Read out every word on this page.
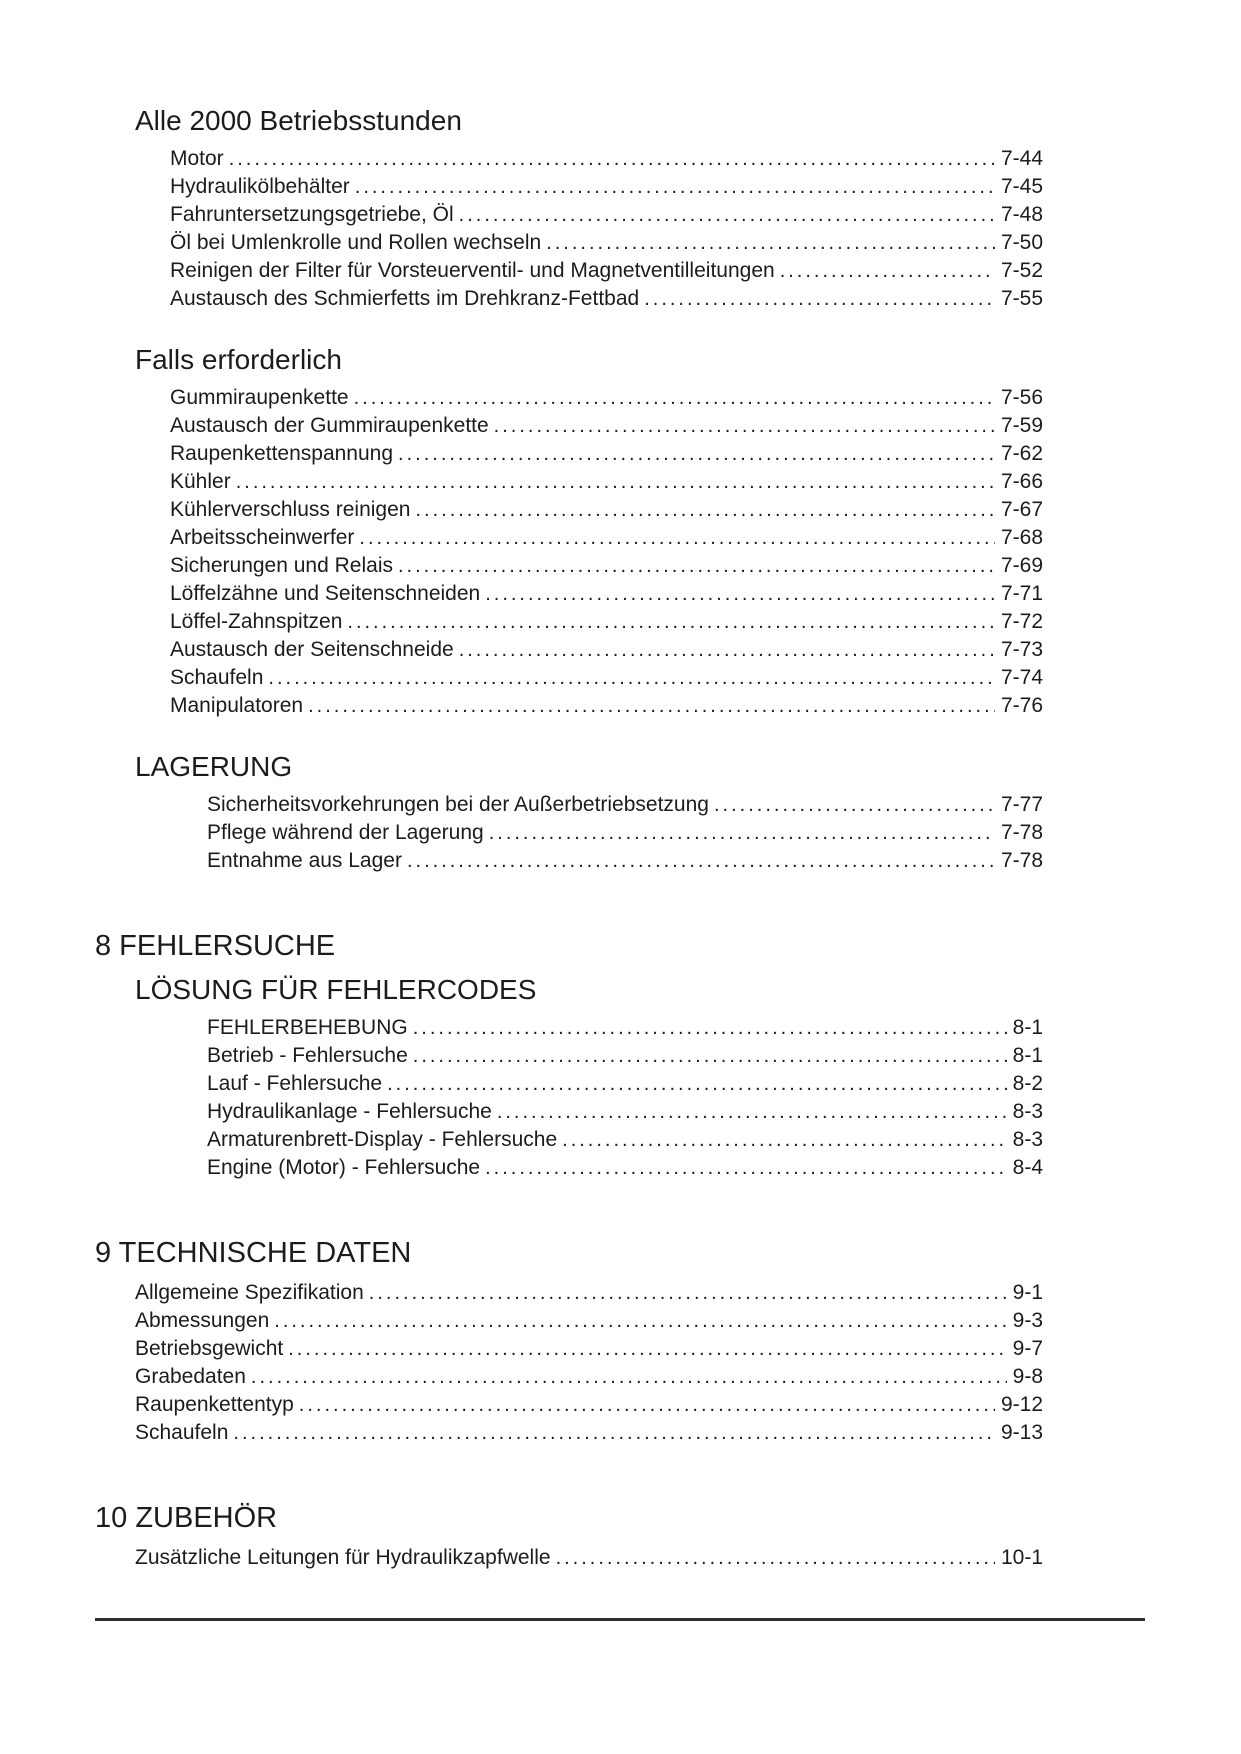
Alle 2000 Betriebsstunden
Motor .....	7-44
Hydraulikölbehälter .....	7-45
Fahruntersetzungsgetriebe, Öl .....	7-48
Öl bei Umlenkrolle und Rollen wechseln .....	7-50
Reinigen der Filter für Vorsteuerventil- und Magnetventilleitungen .....	7-52
Austausch des Schmierfetts im Drehkranz-Fettbad .....	7-55
Falls erforderlich
Gummiraupenkette .....	7-56
Austausch der Gummiraupenkette .....	7-59
Raupenkettenspannung .....	7-62
Kühler .....	7-66
Kühlerverschluss reinigen .....	7-67
Arbeitsscheinwerfer .....	7-68
Sicherungen und Relais .....	7-69
Löffelzähne und Seitenschneiden .....	7-71
Löffel-Zahnspitzen .....	7-72
Austausch der Seitenschneide .....	7-73
Schaufeln .....	7-74
Manipulatoren .....	7-76
LAGERUNG
Sicherheitsvorkehrungen bei der Außerbetriebsetzung .....	7-77
Pflege während der Lagerung .....	7-78
Entnahme aus Lager .....	7-78
8 FEHLERSUCHE
LÖSUNG FÜR FEHLERCODES
FEHLERBEHEBUNG .....	8-1
Betrieb - Fehlersuche .....	8-1
Lauf - Fehlersuche .....	8-2
Hydraulikanlage - Fehlersuche .....	8-3
Armaturenbrett-Display - Fehlersuche .....	8-3
Engine (Motor) - Fehlersuche .....	8-4
9 TECHNISCHE DATEN
Allgemeine Spezifikation .....	9-1
Abmessungen .....	9-3
Betriebsgewicht .....	9-7
Grabedaten .....	9-8
Raupenkettentyp .....	9-12
Schaufeln .....	9-13
10 ZUBEHÖR
Zusätzliche Leitungen für Hydraulikzapfwelle .....	10-1
